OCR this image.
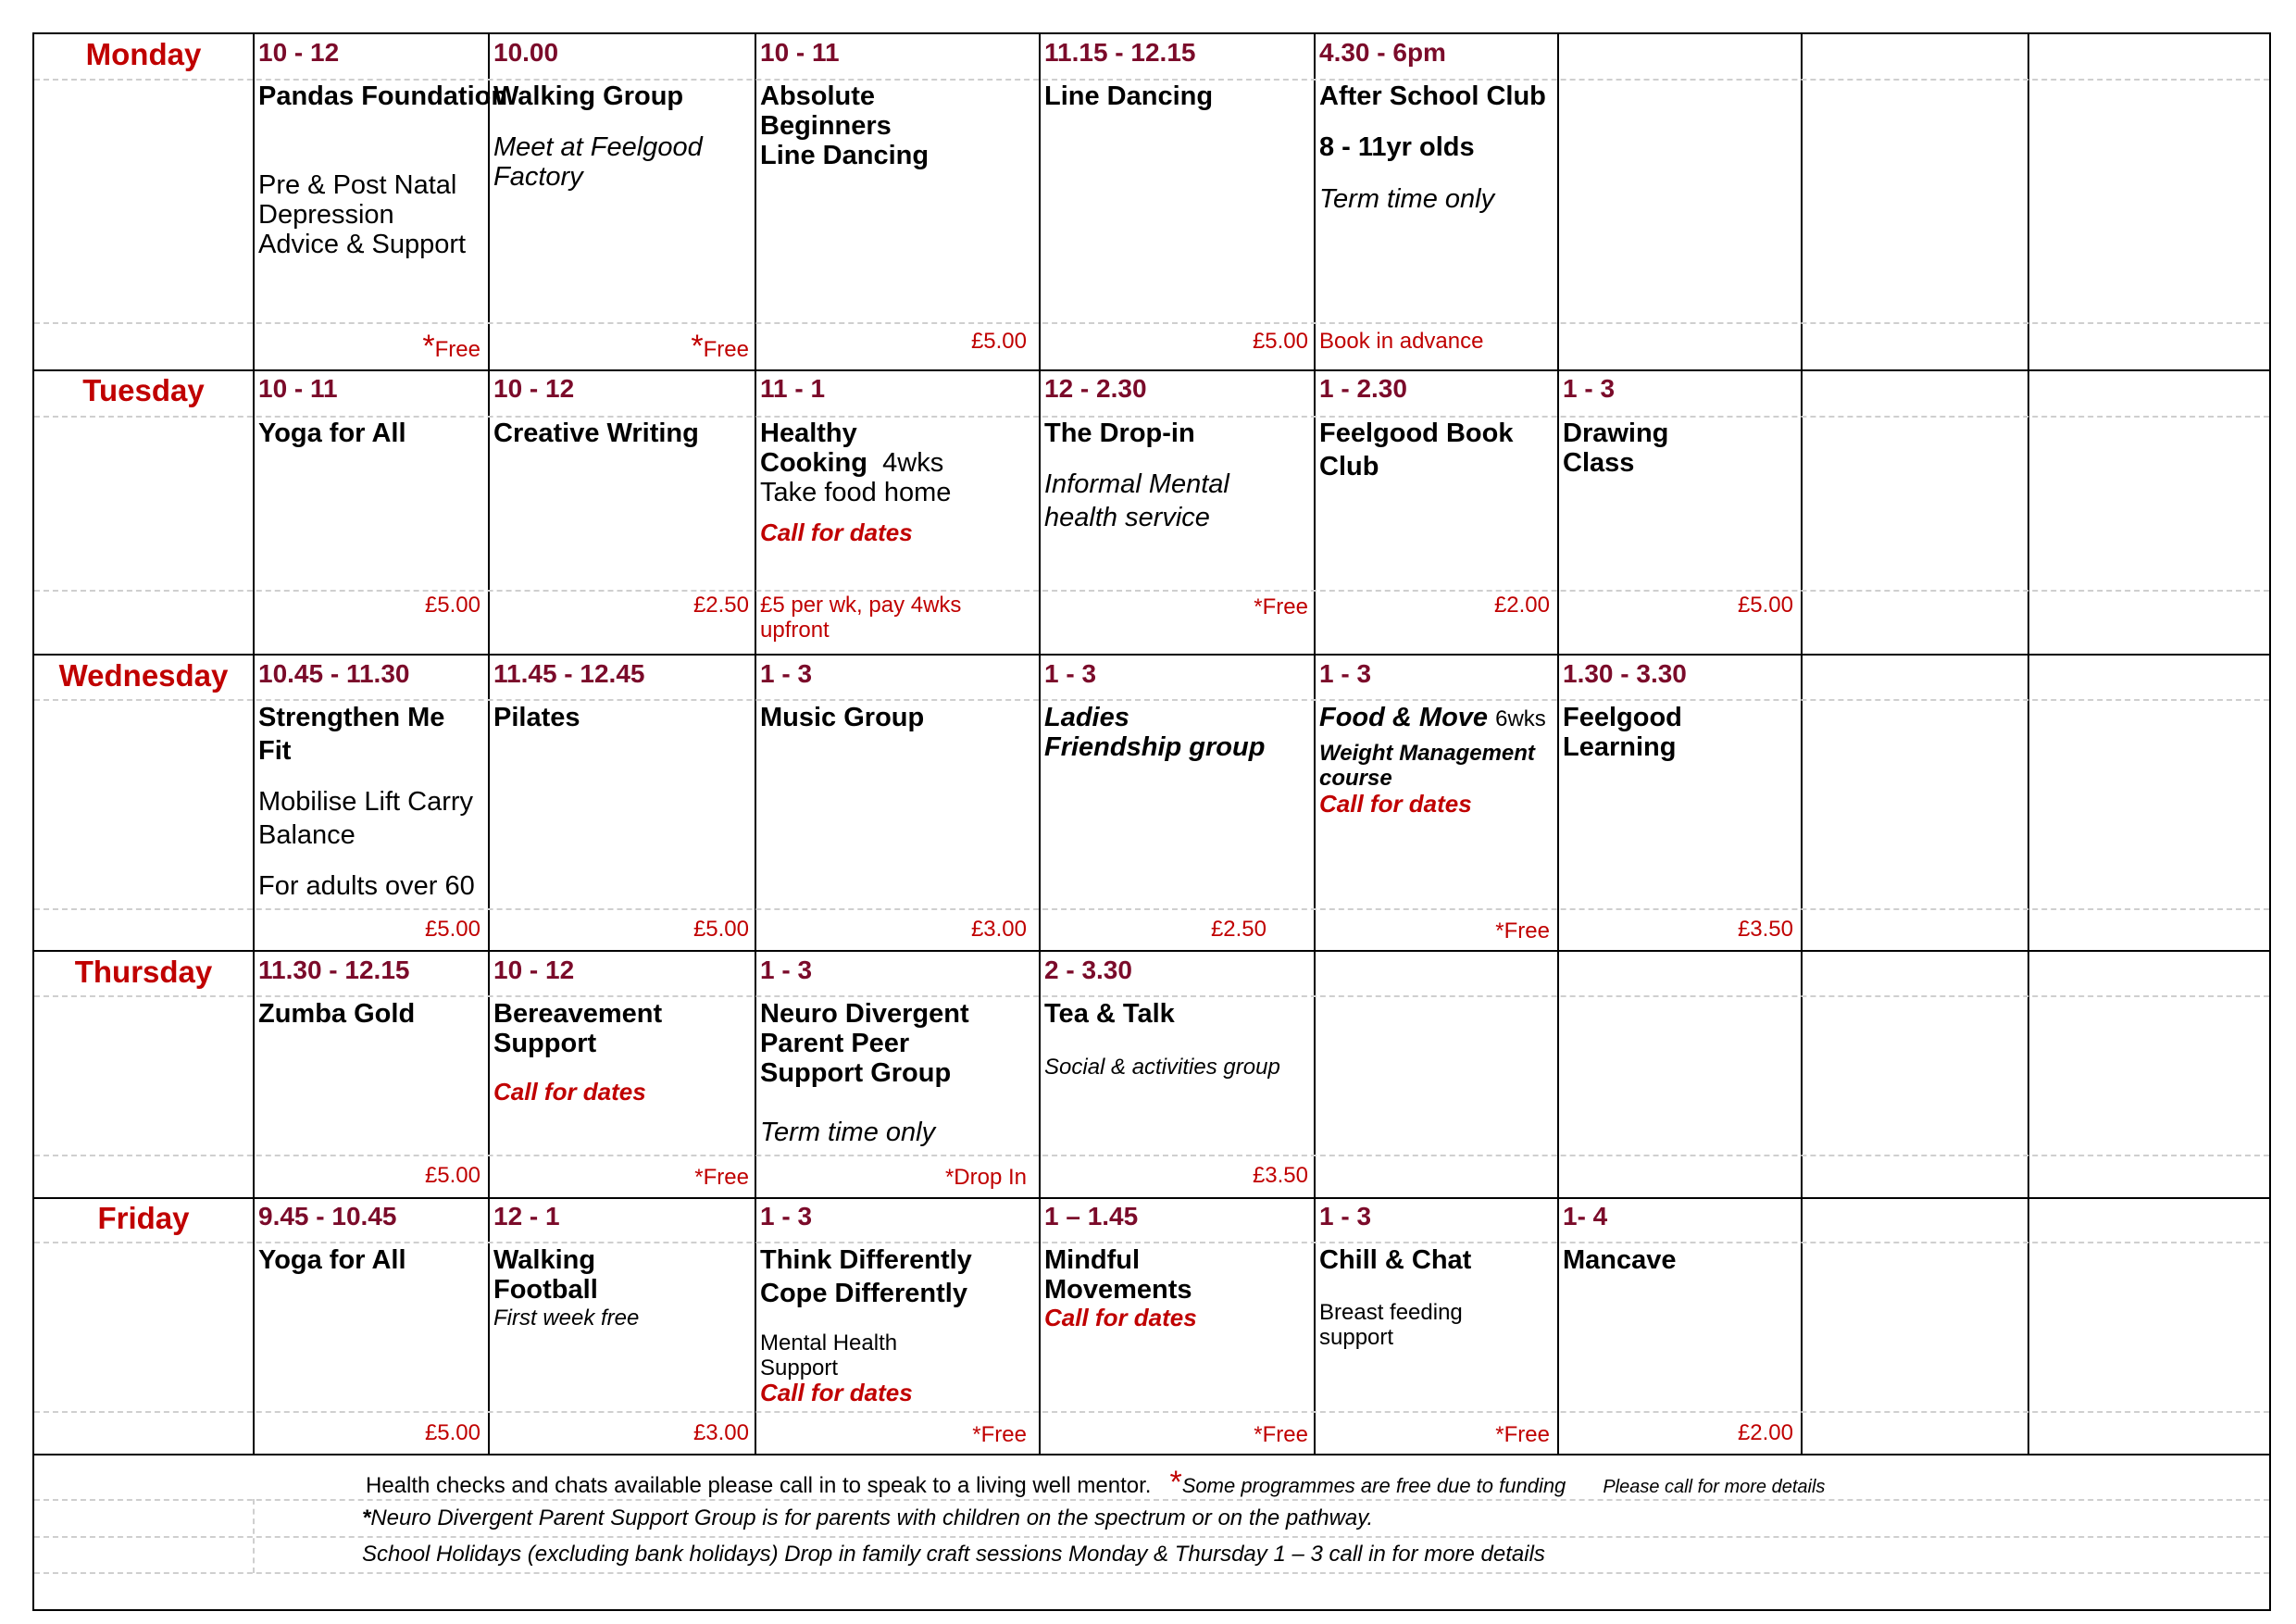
Monday
Tuesday
Wednesday
Thursday
Friday
10 - 12
Pandas Foundation
Pre & Post Natal
Depression
Advice & Support
*Free
10.00
Walking Group
Meet at Feelgood
Factory
*Free
10 - 11
Absolute
Beginners
Line Dancing
£5.00
11.15 - 12.15
Line Dancing
£5.00
4.30 - 6pm
After School Club
8 - 11yr olds
Term time only
Book in advance
10 - 11
Yoga for All
£5.00
10 - 12
Creative Writing
£2.50
11 - 1
Healthy
Cooking 4wks
Take food home
Call for dates
£5 per wk, pay 4wks
upfront
12 - 2.30
The Drop-in
Informal Mental
health service
*Free
1 - 2.30
Feelgood Book
Club
£2.00
1 - 3
Drawing
Class
£5.00
10.45 - 11.30
Strengthen Me
Fit
Mobilise Lift Carry
Balance
For adults over 60
£5.00
11.45 - 12.45
Pilates
£5.00
1 - 3
Music Group
£3.00
1 - 3
Ladies
Friendship group
£2.50
1 - 3
Food & Move 6wks
Weight Management
course
Call for dates
*Free
1.30 - 3.30
Feelgood
Learning
£3.50
11.30 - 12.15
Zumba Gold
£5.00
10 - 12
Bereavement
Support
Call for dates
*Free
1 - 3
Neuro Divergent
Parent Peer
Support Group
Term time only
*Drop In
2 - 3.30
Tea & Talk
Social & activities group
£3.50
9.45 - 10.45
Yoga for All
£5.00
12 - 1
Walking
Football
First week free
£3.00
1 - 3
Think Differently
Cope Differently
Mental Health
Support
Call for dates
*Free
1 – 1.45
Mindful
Movements
Call for dates
*Free
1 - 3
Chill & Chat
Breast feeding
support
*Free
1- 4
Mancave
£2.00
Health checks and chats available please call in to speak to a living well mentor. *Some programmes are free due to funding Please call for more details
*Neuro Divergent Parent Support Group is for parents with children on the spectrum or on the pathway.
School Holidays (excluding bank holidays) Drop in family craft sessions Monday & Thursday 1 – 3 call in for more details
